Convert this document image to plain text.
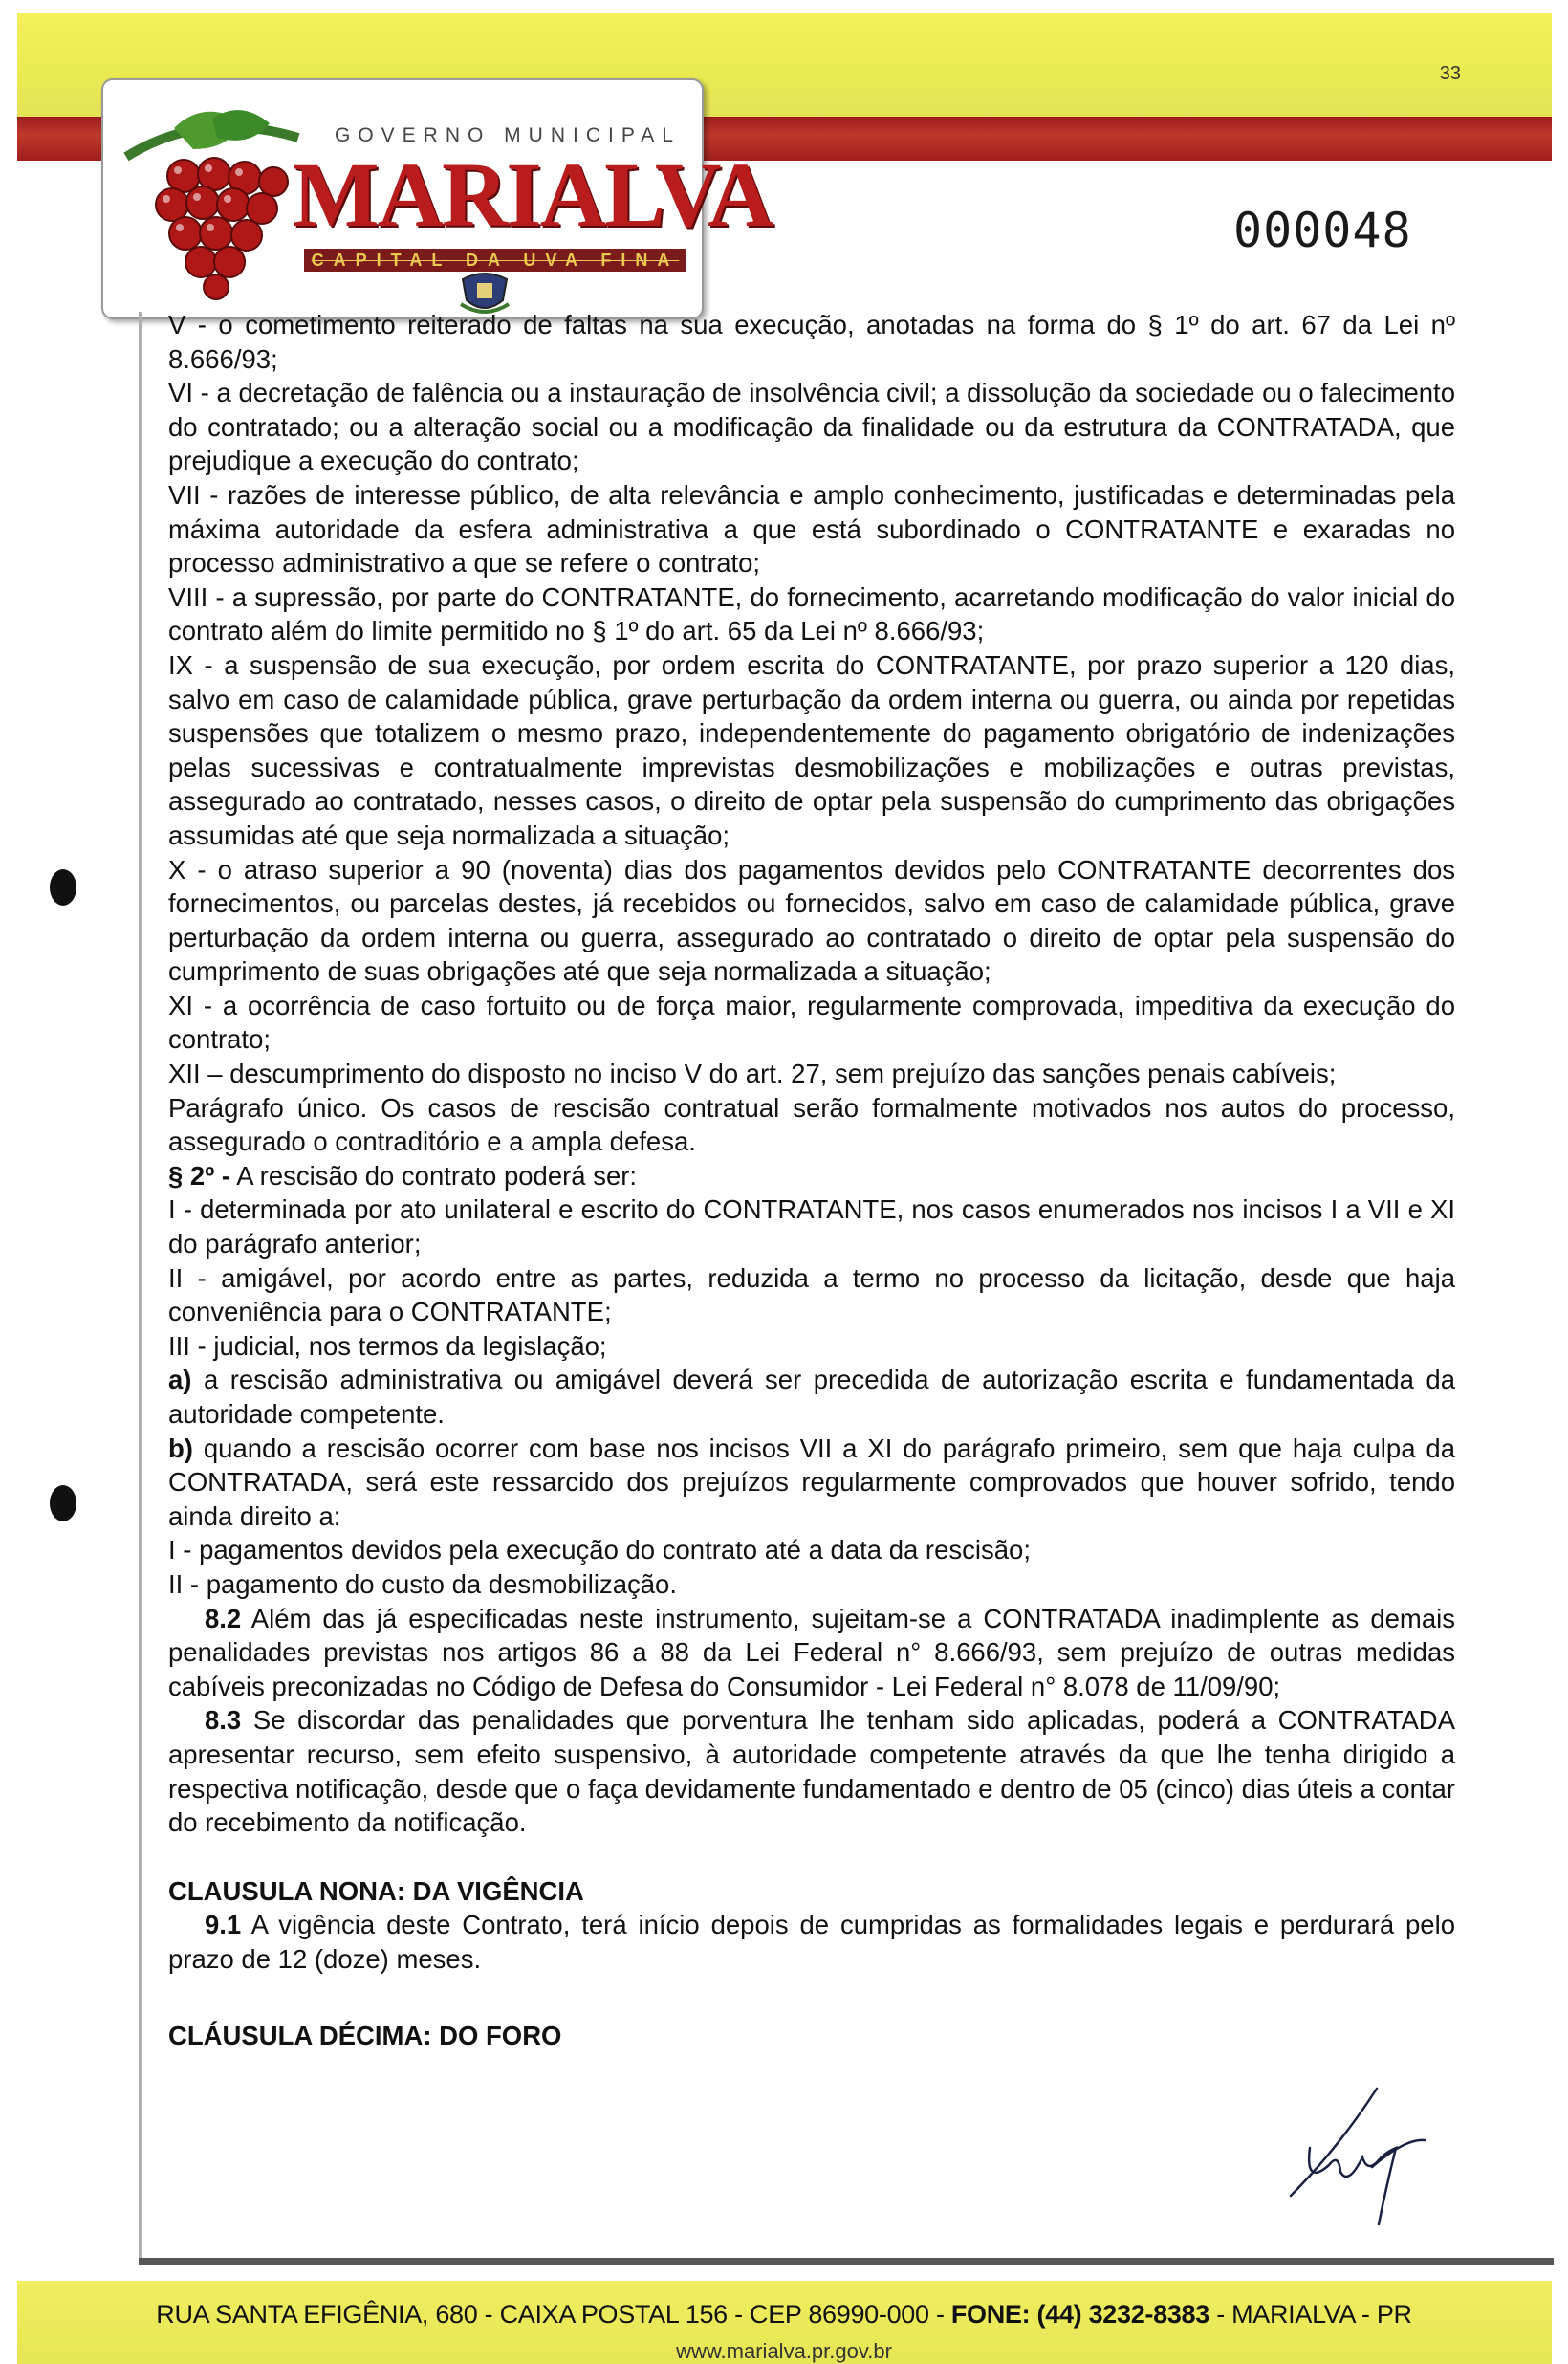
33
000048
GOVERNO MUNICIPAL
MARIALVA
CAPITAL DA UVA FINA

V - o cometimento reiterado de faltas na sua execução, anotadas na forma do § 1º do art. 67 da Lei nº 8.666/93;

VI - a decretação de falência ou a instauração de insolvência civil; a dissolução da sociedade ou o falecimento do contratado; ou a alteração social ou a modificação da finalidade ou da estrutura da CONTRATADA, que prejudique a execução do contrato;

VII - razões de interesse público, de alta relevância e amplo conhecimento, justificadas e determinadas pela máxima autoridade da esfera administrativa a que está subordinado o CONTRATANTE e exaradas no processo administrativo a que se refere o contrato;

VIII - a supressão, por parte do CONTRATANTE, do fornecimento, acarretando modificação do valor inicial do contrato além do limite permitido no § 1º do art. 65 da Lei nº 8.666/93;

IX - a suspensão de sua execução, por ordem escrita do CONTRATANTE, por prazo superior a 120 dias, salvo em caso de calamidade pública, grave perturbação da ordem interna ou guerra, ou ainda por repetidas suspensões que totalizem o mesmo prazo, independentemente do pagamento obrigatório de indenizações pelas sucessivas e contratualmente imprevistas desmobilizações e mobilizações e outras previstas, assegurado ao contratado, nesses casos, o direito de optar pela suspensão do cumprimento das obrigações assumidas até que seja normalizada a situação;

X - o atraso superior a 90 (noventa) dias dos pagamentos devidos pelo CONTRATANTE decorrentes dos fornecimentos, ou parcelas destes, já recebidos ou fornecidos, salvo em caso de calamidade pública, grave perturbação da ordem interna ou guerra, assegurado ao contratado o direito de optar pela suspensão do cumprimento de suas obrigações até que seja normalizada a situação;

XI - a ocorrência de caso fortuito ou de força maior, regularmente comprovada, impeditiva da execução do contrato;

XII – descumprimento do disposto no inciso V do art. 27, sem prejuízo das sanções penais cabíveis;

Parágrafo único. Os casos de rescisão contratual serão formalmente motivados nos autos do processo, assegurado o contraditório e a ampla defesa.

§ 2º - A rescisão do contrato poderá ser:

I - determinada por ato unilateral e escrito do CONTRATANTE, nos casos enumerados nos incisos I a VII e XI do parágrafo anterior;

II - amigável, por acordo entre as partes, reduzida a termo no processo da licitação, desde que haja conveniência para o CONTRATANTE;

III - judicial, nos termos da legislação;

a) a rescisão administrativa ou amigável deverá ser precedida de autorização escrita e fundamentada da autoridade competente.

b) quando a rescisão ocorrer com base nos incisos VII a XI do parágrafo primeiro, sem que haja culpa da CONTRATADA, será este ressarcido dos prejuízos regularmente comprovados que houver sofrido, tendo ainda direito a:

I - pagamentos devidos pela execução do contrato até a data da rescisão;

II - pagamento do custo da desmobilização.

8.2 Além das já especificadas neste instrumento, sujeitam-se a CONTRATADA inadimplente as demais penalidades previstas nos artigos 86 a 88 da Lei Federal n° 8.666/93, sem prejuízo de outras medidas cabíveis preconizadas no Código de Defesa do Consumidor - Lei Federal n° 8.078 de 11/09/90;

8.3 Se discordar das penalidades que porventura lhe tenham sido aplicadas, poderá a CONTRATADA apresentar recurso, sem efeito suspensivo, à autoridade competente através da que lhe tenha dirigido a respectiva notificação, desde que o faça devidamente fundamentado e dentro de 05 (cinco) dias úteis a contar do recebimento da notificação.

CLAUSULA NONA: DA VIGÊNCIA

9.1 A vigência deste Contrato, terá início depois de cumpridas as formalidades legais e perdurará pelo prazo de 12 (doze) meses.

CLÁUSULA DÉCIMA: DO FORO

RUA SANTA EFIGÊNIA, 680 - CAIXA POSTAL 156 - CEP 86990-000 - FONE: (44) 3232-8383 - MARIALVA - PR
www.marialva.pr.gov.br
